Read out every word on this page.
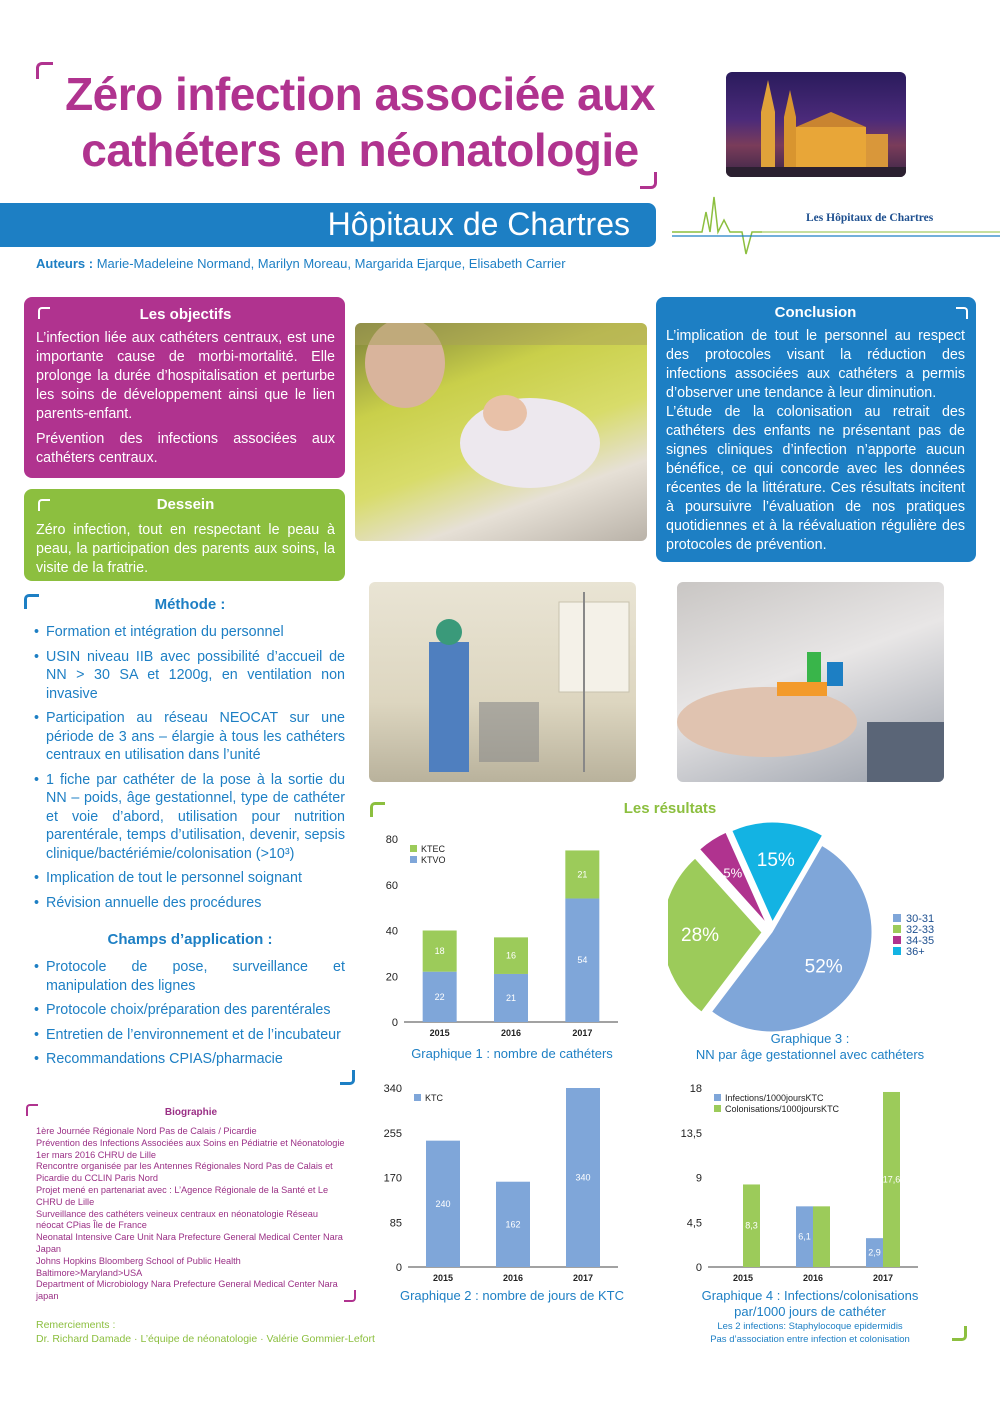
Zéro infection associée aux
cathéters en néonatologie
Hôpitaux de Chartres	Les Hôpitaux de Chartres
Auteurs : Marie-Madeleine Normand, Marilyn Moreau, Margarida Ejarque, Elisabeth Carrier
Les objectifs

L’infection liée aux cathéters centraux, est une importante cause de morbi-mortalité. Elle prolonge la durée d’hospitalisation et perturbe les soins de développement ainsi que le lien parents-enfant.

Prévention des infections associées aux cathéters centraux.

Dessein

Zéro infection, tout en respectant le peau à peau, la participation des parents aux soins, la visite de la fratrie.

Conclusion

L’implication de tout le personnel au respect des protocoles visant la réduction des infections associées aux cathéters a permis d’observer une tendance à leur diminution.

L’étude de la colonisation au retrait des cathéters des enfants ne présentant pas de signes cliniques d’infection n’apporte aucun bénéfice, ce qui concorde avec les données récentes de la littérature. Ces résultats incitent à poursuivre l’évaluation de nos pratiques quotidiennes et à la réévaluation régulière des protocoles de prévention.

Méthode :
• Formation et intégration du personnel
• USIN niveau IIB avec possibilité d’accueil de NN > 30 SA et 1200g, en ventilation non invasive
• Participation au réseau NEOCAT sur une période de 3 ans – élargie à tous les cathéters centraux en utilisation dans l’unité
• 1 fiche par cathéter de la pose à la sortie du NN – poids, âge gestationnel, type de cathéter et voie d’abord, utilisation pour nutrition parentérale, temps d’utilisation, devenir, sepsis clinique/bactériémie/colonisation (>10³)
• Implication de tout le personnel soignant
• Révision annuelle des procédures
Champs d’application :
• Protocole de pose, surveillance et manipulation des lignes
• Protocole choix/préparation des parentérales
• Entretien de l’environnement et de l’incubateur
• Recommandations CPIAS/pharmacie
Biographie
1ère Journée Régionale Nord Pas de Calais / Picardie
Prévention des Infections Associées aux Soins en Pédiatrie et Néonatologie
1er mars 2016 CHRU de Lille
Rencontre organisée par les Antennes Régionales Nord Pas de Calais et Picardie du CCLIN Paris Nord
Projet mené en partenariat avec : L’Agence Régionale de la Santé et Le CHRU de Lille
Surveillance des cathéters veineux centraux en néonatologie Réseau néocat CPias Île de France
Neonatal Intensive Care Unit Nara Prefecture General Medical Center Nara Japan
Johns Hopkins Bloomberg School of Public Health Baltimore>Maryland>USA
Department of Microbiology Nara Prefecture General Medical Center Nara japan
Remerciements :
Dr. Richard Damade · L’équipe de néonatologie · Valérie Gommier-Lefort
Les résultats
0
20
40
60
80
2015
22
18
2016
21
16
2017
54
21
KTEC
KTVO
Graphique 1 : nombre de cathéters
52%
28%
5%
15%
30-31
32-33
34-35
36+
Graphique 3 :
NN par âge gestationnel avec cathéters
0
85
170
255
340
2015
240
2016
162
2017
340
KTC
Graphique 2 : nombre de jours de KTC
0
4,5
9
13,5
18
2015
8,3
2016
6,1
2017
2,9
17,6
Infections/1000joursKTC
Colonisations/1000joursKTC
Graphique 4 : Infections/colonisations
par/1000 jours de cathéter
Les 2 infections: Staphylocoque epidermidis
Pas d’association entre infection et colonisation
